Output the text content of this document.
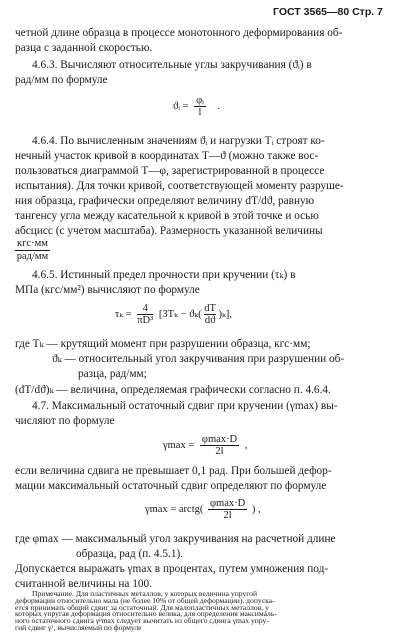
ГОСТ 3565—80 Стр. 7
четной длине образца в процессе монотонного деформирования об-
разца с заданной скоростью.
4.6.3. Вычисляют относительные углы закручивания (ϑᵢ) в
рад/мм по формуле
ϑᵢ = $\frac{\text{φᵢ}}{l}$ .
4.6.4. По вычисленным значениям ϑᵢ и нагрузки Tᵢ строят ко-
нечный участок кривой в координатах T—ϑ (можно также вос-
пользоваться диаграммой T—φ, зарегистрированной в процессе
испытания). Для точки кривой, соответствующей моменту разруше-
ния образца, графически определяют величину dT/dϑ, равную
тангенсу угла между касательной к кривой в этой точке и осью
абсцисс (с учетом масштаба). Размерность указанной величины
кгс·мм
рад/мм
4.6.5. Истинный предел прочности при кручении (τₖ) в
МПа (кгс/мм²) вычисляют по формуле
$\tau_k = \frac{4}{\text{πD³}} [3T_k - ϑ_k( \frac{dT}{dϑ} )_k]$,
где Tₖ — крутящий момент при разрушении образца, кгс·мм;
ϑₖ — относительный угол закручивания при разрушении об-
разца, рад/мм;
(dT/dϑ)ₖ — величина, определяемая графически согласно п. 4.6.4.
4.7. Максимальный остаточный сдвиг при кручении (γmax) вы-
числяют по формуле
γmax =
φmax·D
2l
,
если величина сдвига не превышает 0,1 рад. При большей дефор-
мации максимальный остаточный сдвиг определяют по формуле
γmax = arctg(
φmax·D
2l
) ,
где φmax — максимальный угол закручивания на расчетной длине
образца, рад (п. 4.5.1).
Допускается выражать γmax в процентах, путем умножения под-
считанной величины на 100.
Примечание. Для пластичных металлов, у которых величина упругой
деформации относительно мала (не более 10% от общей деформации), допуска-
ется принимать общий сдвиг за остаточный. Для малопластичных металлов, у
которых упругая деформация относительно велика, для определения максималь-
ного остаточного сдвига γᵖmax следует вычитать из общего сдвига γmax упру-
гий сдвиг γʸ, вычисляемый по формуле
